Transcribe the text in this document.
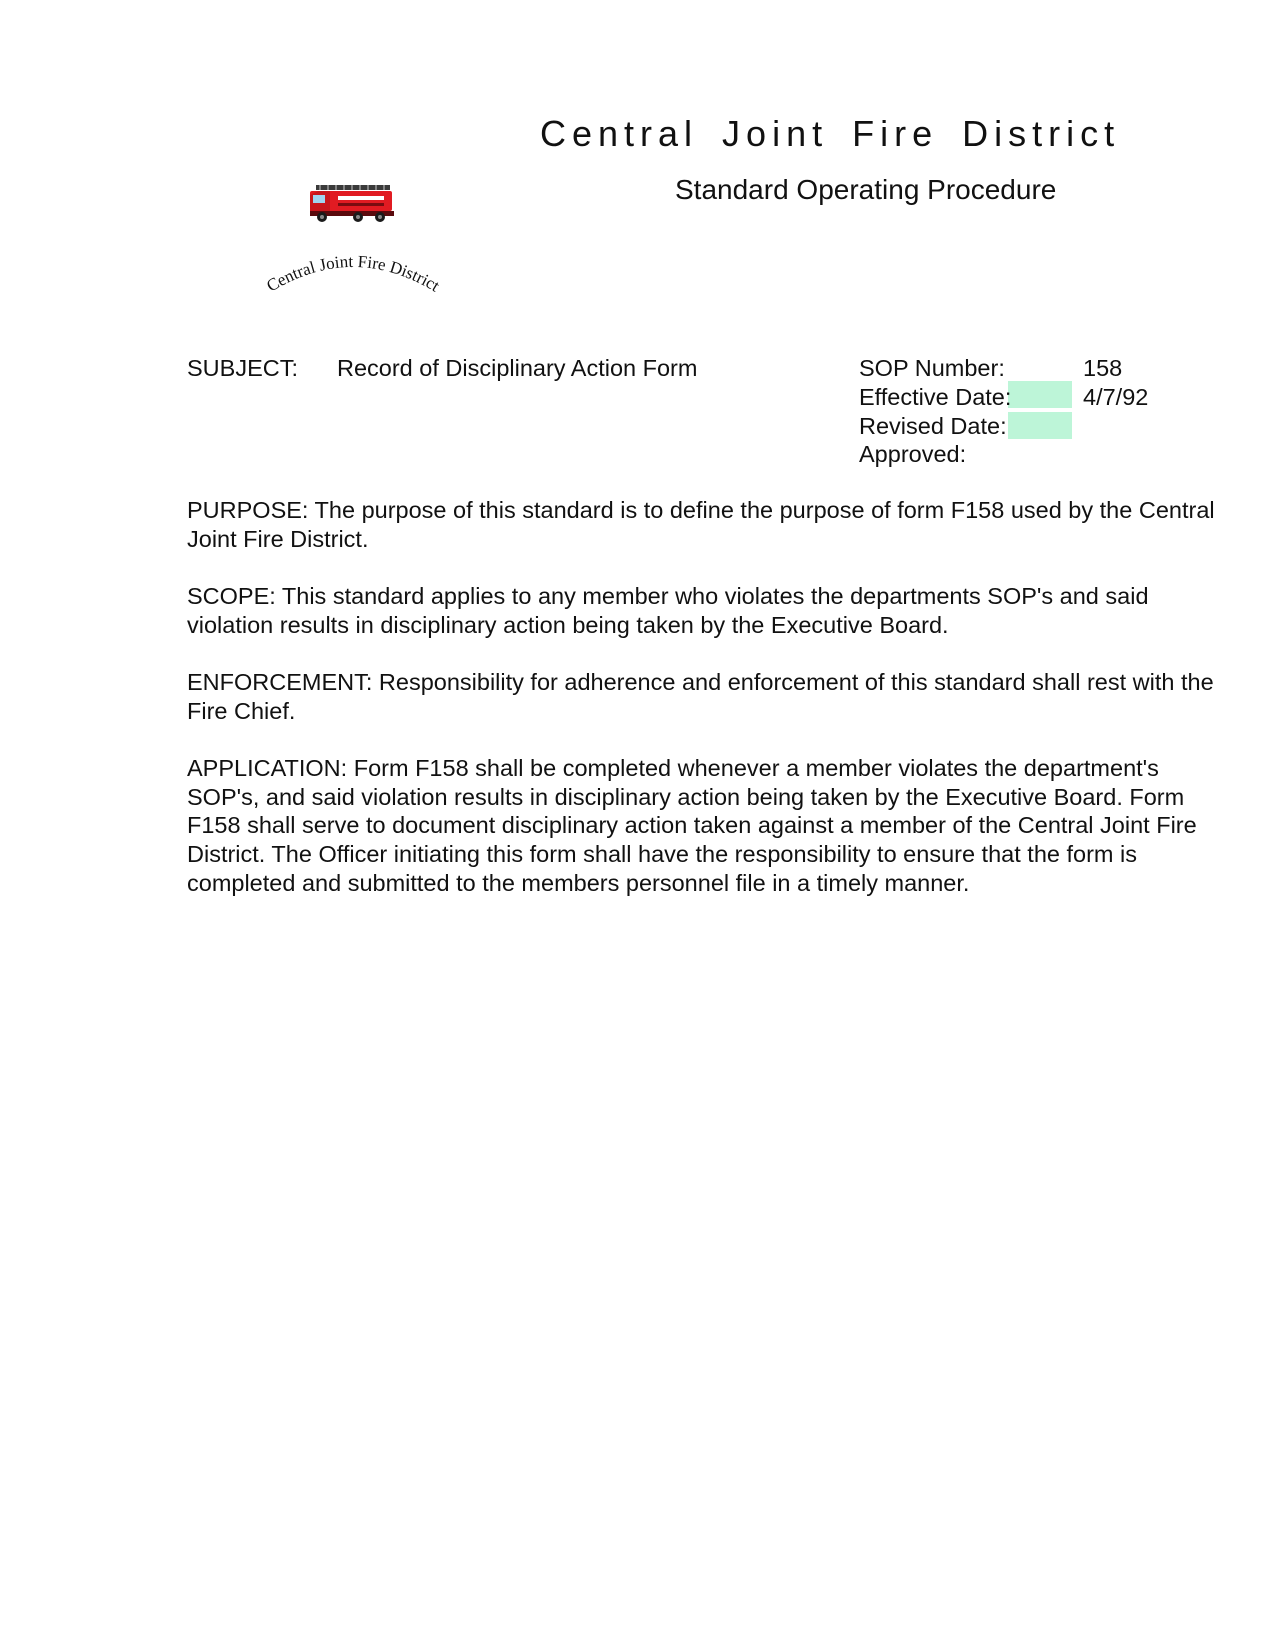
Central Joint Fire District
Standard Operating Procedure
Central Joint Fire District
SUBJECT: Record of Disciplinary Action Form	SOP Number:	158
Effective Date:	4/7/92
Revised Date:
Approved:
PURPOSE: The purpose of this standard is to define the purpose of form F158 used by the Central
Joint Fire District.
SCOPE: This standard applies to any member who violates the departments SOP's and said
violation results in disciplinary action being taken by the Executive Board.
ENFORCEMENT: Responsibility for adherence and enforcement of this standard shall rest with the
Fire Chief.
APPLICATION: Form F158 shall be completed whenever a member violates the department's
SOP's, and said violation results in disciplinary action being taken by the Executive Board. Form
F158 shall serve to document disciplinary action taken against a member of the Central Joint Fire
District. The Officer initiating this form shall have the responsibility to ensure that the form is
completed and submitted to the members personnel file in a timely manner.
